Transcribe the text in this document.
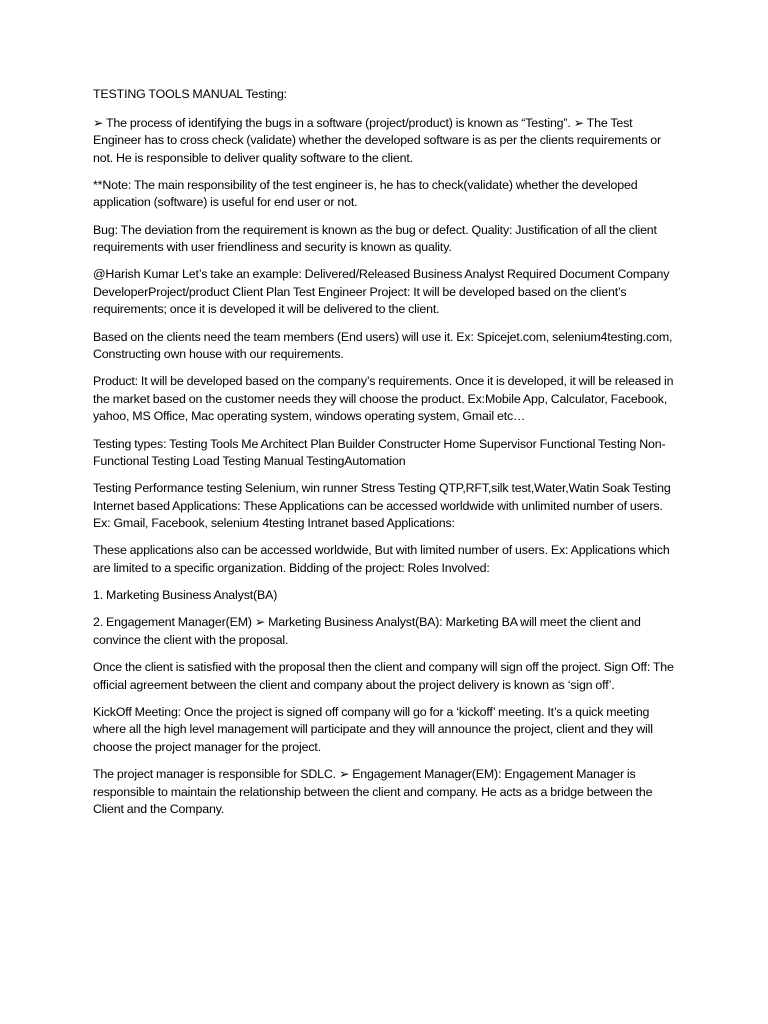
TESTING TOOLS MANUAL Testing:

➢ The process of identifying the bugs in a software (project/product) is known as “Testing”. ➢ The Test Engineer has to cross check (validate) whether the developed software is as per the clients requirements or not. He is responsible to deliver quality software to the client.

**Note: The main responsibility of the test engineer is, he has to check(validate) whether the developed application (software) is useful for end user or not.

Bug: The deviation from the requirement is known as the bug or defect. Quality: Justification of all the client requirements with user friendliness and security is known as quality.

@Harish Kumar Let’s take an example: Delivered/Released Business Analyst Required Document Company DeveloperProject/product Client Plan Test Engineer Project: It will be developed based on the client’s requirements; once it is developed it will be delivered to the client.

Based on the clients need the team members (End users) will use it. Ex: Spicejet.com, selenium4testing.com, Constructing own house with our requirements.

Product: It will be developed based on the company’s requirements. Once it is developed, it will be released in the market based on the customer needs they will choose the product. Ex:Mobile App, Calculator, Facebook, yahoo, MS Office, Mac operating system, windows operating system, Gmail etc…

Testing types: Testing Tools Me Architect Plan Builder Constructer Home Supervisor Functional Testing Non-Functional Testing Load Testing Manual TestingAutomation

Testing Performance testing Selenium, win runner Stress Testing QTP,RFT,silk test,Water,Watin Soak Testing Internet based Applications: These Applications can be accessed worldwide with unlimited number of users. Ex: Gmail, Facebook, selenium 4testing Intranet based Applications:

These applications also can be accessed worldwide, But with limited number of users. Ex: Applications which are limited to a specific organization. Bidding of the project: Roles Involved:

1. Marketing Business Analyst(BA)

2. Engagement Manager(EM) ➢ Marketing Business Analyst(BA): Marketing BA will meet the client and convince the client with the proposal.

Once the client is satisfied with the proposal then the client and company will sign off the project. Sign Off: The official agreement between the client and company about the project delivery is known as ‘sign off’.

KickOff Meeting: Once the project is signed off company will go for a ‘kickoff’ meeting. It’s a quick meeting where all the high level management will participate and they will announce the project, client and they will choose the project manager for the project.

The project manager is responsible for SDLC. ➢ Engagement Manager(EM): Engagement Manager is responsible to maintain the relationship between the client and company. He acts as a bridge between the Client and the Company.
